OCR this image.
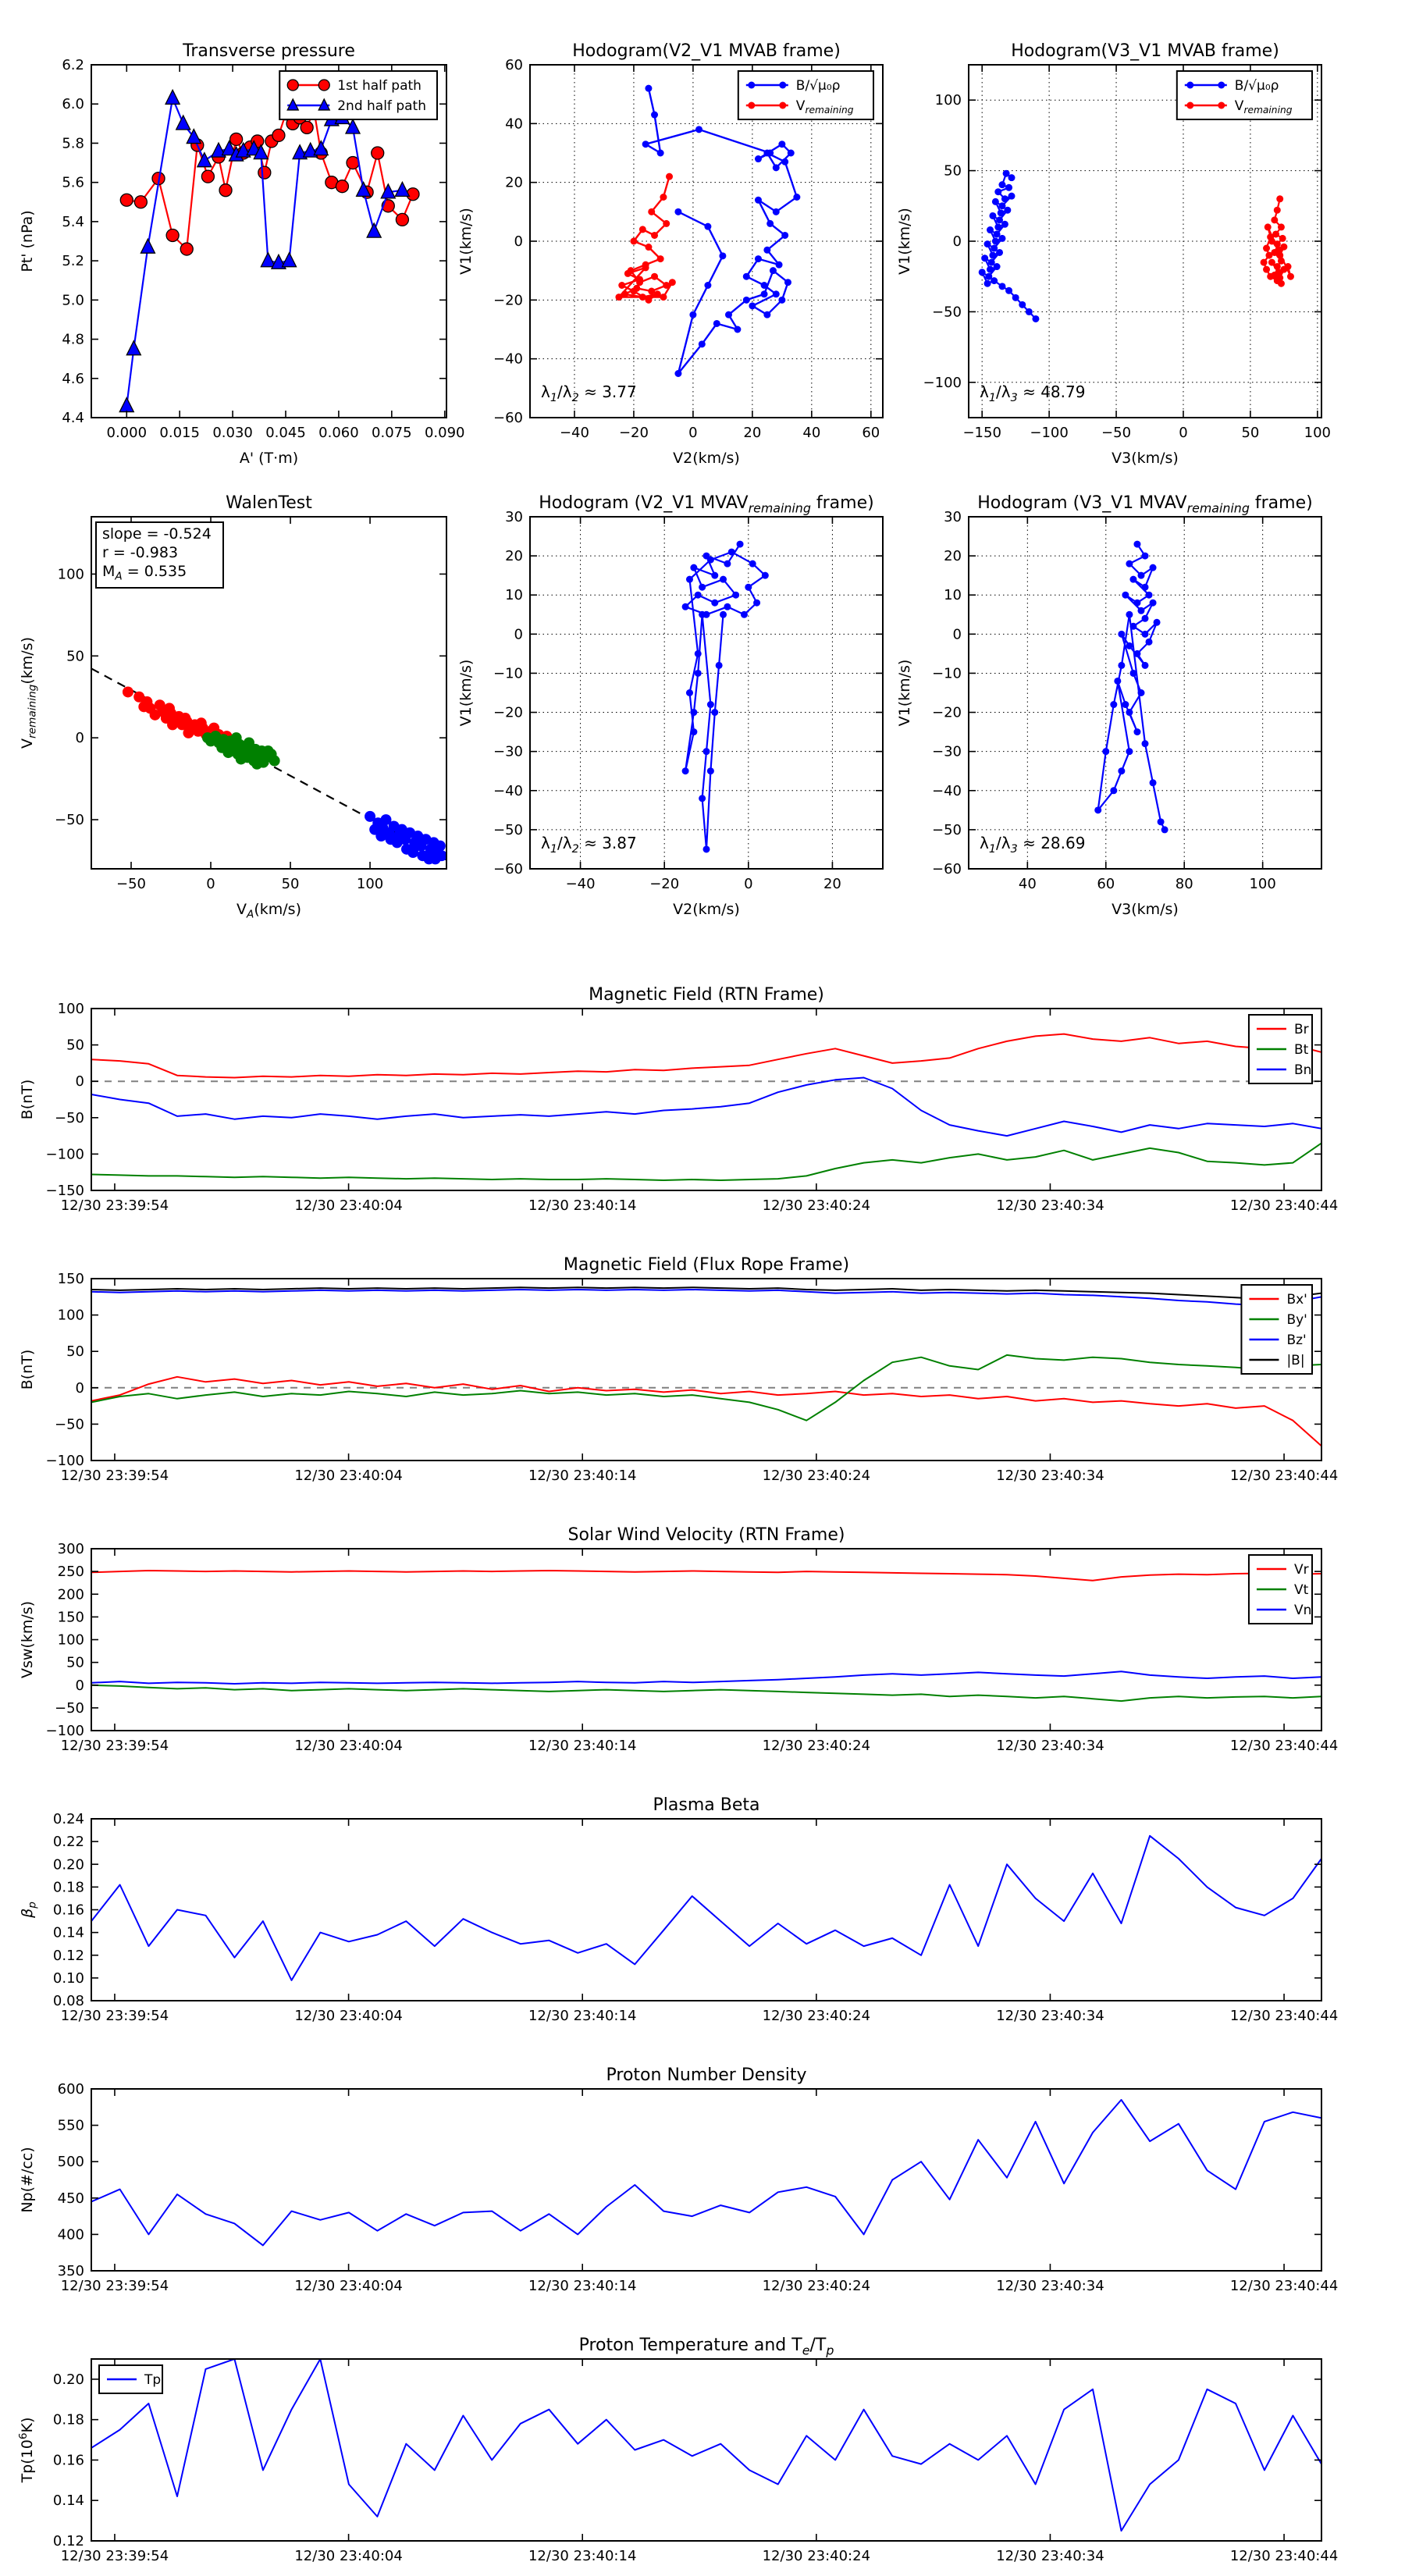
0.000 0.015 0.030 0.045 0.060 0.075 0.090
4.4
4.6
4.8
5.0
5.2
5.4
5.6
5.8
6.0
6.2
Transverse pressure
A' (T·m)
Pt' (nPa)
1st half path
2nd half path
−40 −20	0	20	40	60
−60
−40
−20
0
20
40
60
Hodogram(V2_V1 MVAB frame)
V2(km/s)
V1(km/s)
$\lambda_1/\lambda_2 \approx 3.77$
B/√μ₀ρ
$V_{remaining}$
−150 −100 −50	0	50	100
−100
−50
0
50
100
Hodogram(V3_V1 MVAB frame)
V3(km/s)
V1(km/s)
$\lambda_1/\lambda_3 \approx 48.79$
B/√μ₀ρ
$V_{remaining}$
−50	0	50	100
−50
0
50
100
WalenTest
$V_A(km/s)$
$V_{remaining}(km/s)$
slope = -0.524
r = -0.983
$M_A = 0.535$
−40	−20	0	20
−60
−50
−40
−30
−20
−10
0
10
20
30
Hodogram (V2_V1 $MVAV_{remaining}$ frame)
V2(km/s)
V1(km/s)
$\lambda_1/\lambda_2 \approx 3.87$
40	60	80	100
−60
−50
−40
−30
−20
−10
0
10
20
30
Hodogram (V3_V1 $MVAV_{remaining}$ frame)
V3(km/s)
V1(km/s)
$\lambda_1/\lambda_3 \approx 28.69$
12/30 23:39:54	12/30 23:40:04	12/30 23:40:14	12/30 23:40:24	12/30 23:40:34	12/30 23:40:44
−150
−100
−50
0
50
100
Magnetic Field (RTN Frame)
B(nT)
Br
Bt
Bn
12/30 23:39:54	12/30 23:40:04	12/30 23:40:14	12/30 23:40:24	12/30 23:40:34	12/30 23:40:44
−100
−50
0
50
100
150
Magnetic Field (Flux Rope Frame)
B(nT)
Bx'
By'
Bz'
|B|
12/30 23:39:54	12/30 23:40:04	12/30 23:40:14	12/30 23:40:24	12/30 23:40:34	12/30 23:40:44
−100
−50
0
50
100
150
200
250
300
Solar Wind Velocity (RTN Frame)
Vsw(km/s)
Vr
Vt
Vn
12/30 23:39:54	12/30 23:40:04	12/30 23:40:14	12/30 23:40:24	12/30 23:40:34	12/30 23:40:44
0.08
0.10
0.12
0.14
0.16
0.18
0.20
0.22
0.24
Plasma Beta
$\beta_p$
12/30 23:39:54	12/30 23:40:04	12/30 23:40:14	12/30 23:40:24	12/30 23:40:34	12/30 23:40:44
350
400
450
500
550
600
Proton Number Density
Np(#/cc)
12/30 23:39:54	12/30 23:40:04	12/30 23:40:14	12/30 23:40:24	12/30 23:40:34	12/30 23:40:44
0.12
0.14
0.16
0.18
0.20
Proton Temperature and $T_e/T_p$
$Tp(10^6K)$
Tp
